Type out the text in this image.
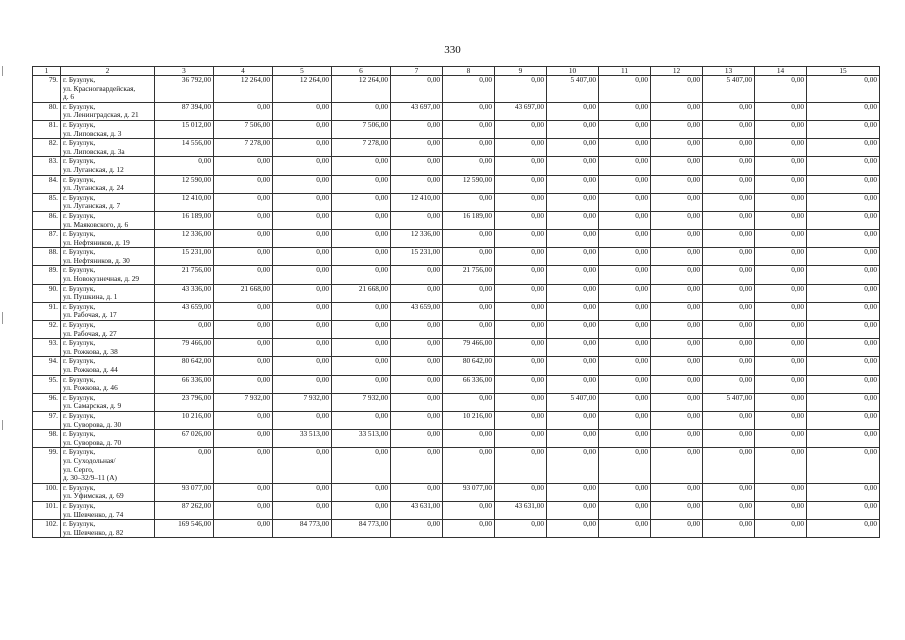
330
1	2	3	4	5	6	7	8	9	10	11	12	13	14	15
79.	г. Бузулук,
ул. Красногвардейская,
д. 6	36 792,00	12 264,00	12 264,00	12 264,00	0,00	0,00	0,00	5 407,00	0,00	0,00	5 407,00	0,00	0,00
80.	г. Бузулук,
ул. Ленинградская, д. 21	87 394,00	0,00	0,00	0,00	43 697,00	0,00	43 697,00	0,00	0,00	0,00	0,00	0,00	0,00
81.	г. Бузулук,
ул. Липовская, д. 3	15 012,00	7 506,00	0,00	7 506,00	0,00	0,00	0,00	0,00	0,00	0,00	0,00	0,00	0,00
82.	г. Бузулук,
ул. Липовская, д. 3а	14 556,00	7 278,00	0,00	7 278,00	0,00	0,00	0,00	0,00	0,00	0,00	0,00	0,00	0,00
83.	г. Бузулук,
ул. Луганская, д. 12	0,00	0,00	0,00	0,00	0,00	0,00	0,00	0,00	0,00	0,00	0,00	0,00	0,00
84.	г. Бузулук,
ул. Луганская, д. 24	12 590,00	0,00	0,00	0,00	0,00	12 590,00	0,00	0,00	0,00	0,00	0,00	0,00	0,00
85.	г. Бузулук,
ул. Луганская, д. 7	12 410,00	0,00	0,00	0,00	12 410,00	0,00	0,00	0,00	0,00	0,00	0,00	0,00	0,00
86.	г. Бузулук,
ул. Маяковского, д. 6	16 189,00	0,00	0,00	0,00	0,00	16 189,00	0,00	0,00	0,00	0,00	0,00	0,00	0,00
87.	г. Бузулук,
ул. Нефтяников, д. 19	12 336,00	0,00	0,00	0,00	12 336,00	0,00	0,00	0,00	0,00	0,00	0,00	0,00	0,00
88.	г. Бузулук,
ул. Нефтяников, д. 30	15 231,00	0,00	0,00	0,00	15 231,00	0,00	0,00	0,00	0,00	0,00	0,00	0,00	0,00
89.	г. Бузулук,
ул. Новокузнечная, д. 29	21 756,00	0,00	0,00	0,00	0,00	21 756,00	0,00	0,00	0,00	0,00	0,00	0,00	0,00
90.	г. Бузулук,
ул. Пушкина, д. 1	43 336,00	21 668,00	0,00	21 668,00	0,00	0,00	0,00	0,00	0,00	0,00	0,00	0,00	0,00
91.	г. Бузулук,
ул. Рабочая, д. 17	43 659,00	0,00	0,00	0,00	43 659,00	0,00	0,00	0,00	0,00	0,00	0,00	0,00	0,00
92.	г. Бузулук,
ул. Рабочая, д. 27	0,00	0,00	0,00	0,00	0,00	0,00	0,00	0,00	0,00	0,00	0,00	0,00	0,00
93.	г. Бузулук,
ул. Рожкова, д. 38	79 466,00	0,00	0,00	0,00	0,00	79 466,00	0,00	0,00	0,00	0,00	0,00	0,00	0,00
94.	г. Бузулук,
ул. Рожкова, д. 44	80 642,00	0,00	0,00	0,00	0,00	80 642,00	0,00	0,00	0,00	0,00	0,00	0,00	0,00
95.	г. Бузулук,
ул. Рожкова, д. 46	66 336,00	0,00	0,00	0,00	0,00	66 336,00	0,00	0,00	0,00	0,00	0,00	0,00	0,00
96.	г. Бузулук,
ул. Самарская, д. 9	23 796,00	7 932,00	7 932,00	7 932,00	0,00	0,00	0,00	5 407,00	0,00	0,00	5 407,00	0,00	0,00
97.	г. Бузулук,
ул. Суворова, д. 30	10 216,00	0,00	0,00	0,00	0,00	10 216,00	0,00	0,00	0,00	0,00	0,00	0,00	0,00
98.	г. Бузулук,
ул. Суворова, д. 70	67 026,00	0,00	33 513,00	33 513,00	0,00	0,00	0,00	0,00	0,00	0,00	0,00	0,00	0,00
99.	г. Бузулук,
ул. Суходольная/
ул. Серго,
д. 30–32/9–11 (А)	0,00	0,00	0,00	0,00	0,00	0,00	0,00	0,00	0,00	0,00	0,00	0,00	0,00
100.	г. Бузулук,
ул. Уфимская, д. 69	93 077,00	0,00	0,00	0,00	0,00	93 077,00	0,00	0,00	0,00	0,00	0,00	0,00	0,00
101.	г. Бузулук,
ул. Шевченко, д. 74	87 262,00	0,00	0,00	0,00	43 631,00	0,00	43 631,00	0,00	0,00	0,00	0,00	0,00	0,00
102.	г. Бузулук,
ул. Шевченко, д. 82	169 546,00	0,00	84 773,00	84 773,00	0,00	0,00	0,00	0,00	0,00	0,00	0,00	0,00	0,00
